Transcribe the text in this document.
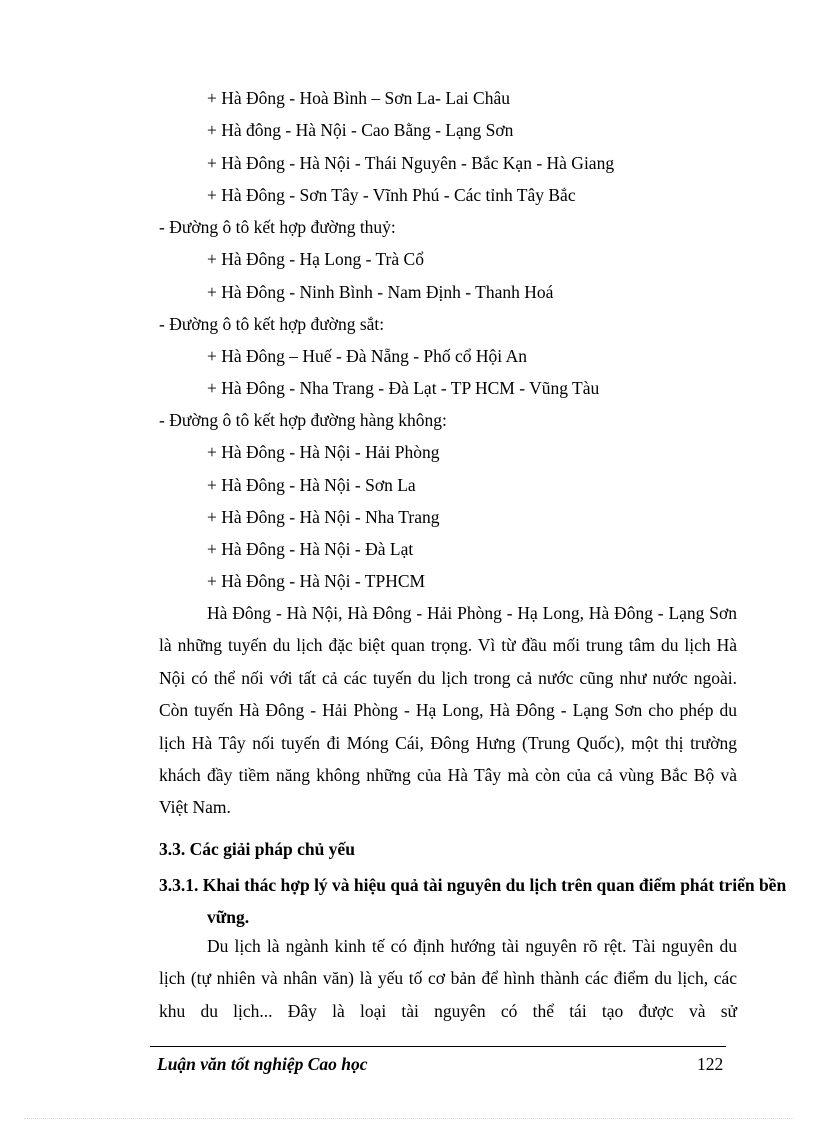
+ Hà Đông - Hoà Bình – Sơn La- Lai Châu
+ Hà đông - Hà Nội - Cao Bằng - Lạng Sơn
+ Hà Đông - Hà Nội - Thái Nguyên - Bắc Kạn - Hà Giang
+ Hà Đông - Sơn Tây - Vĩnh Phú - Các tỉnh Tây Bắc
- Đường ô tô kết hợp đường thuỷ:
+ Hà Đông - Hạ Long - Trà Cổ
+ Hà Đông - Ninh Bình - Nam Định - Thanh Hoá
- Đường ô tô kết hợp đường sắt:
+ Hà Đông – Huế - Đà Nẵng - Phố cổ Hội An
+ Hà Đông - Nha Trang - Đà Lạt - TP HCM - Vũng Tàu
- Đường ô tô kết hợp đường hàng không:
+ Hà Đông - Hà Nội - Hải Phòng
+ Hà Đông - Hà Nội - Sơn La
+ Hà Đông - Hà Nội - Nha Trang
+ Hà Đông - Hà Nội - Đà Lạt
+ Hà Đông - Hà Nội - TPHCM
Hà Đông - Hà Nội, Hà Đông - Hải Phòng - Hạ Long, Hà Đông - Lạng Sơn là những tuyến du lịch đặc biệt quan trọng. Vì từ đầu mối trung tâm du lịch Hà Nội có thể nối với tất cả các tuyến du lịch trong cả nước cũng như nước ngoài. Còn tuyến Hà Đông - Hải Phòng - Hạ Long, Hà Đông - Lạng Sơn cho phép du lịch Hà Tây nối tuyến đi Móng Cái, Đông Hưng (Trung Quốc), một thị trường khách đầy tiềm năng không những của Hà Tây mà còn của cả vùng Bắc Bộ và Việt Nam.
3.3. Các giải pháp chủ yếu
3.3.1. Khai thác hợp lý và hiệu quả tài nguyên du lịch trên quan điểm phát triển bền vững.
Du lịch là ngành kinh tế có định hướng tài nguyên rõ rệt. Tài nguyên du lịch (tự nhiên và nhân văn) là yếu tố cơ bản để hình thành các điểm du lịch, các khu du lịch... Đây là loại tài nguyên có thể tái tạo được và sử
Luận văn tốt nghiệp Cao học	122
